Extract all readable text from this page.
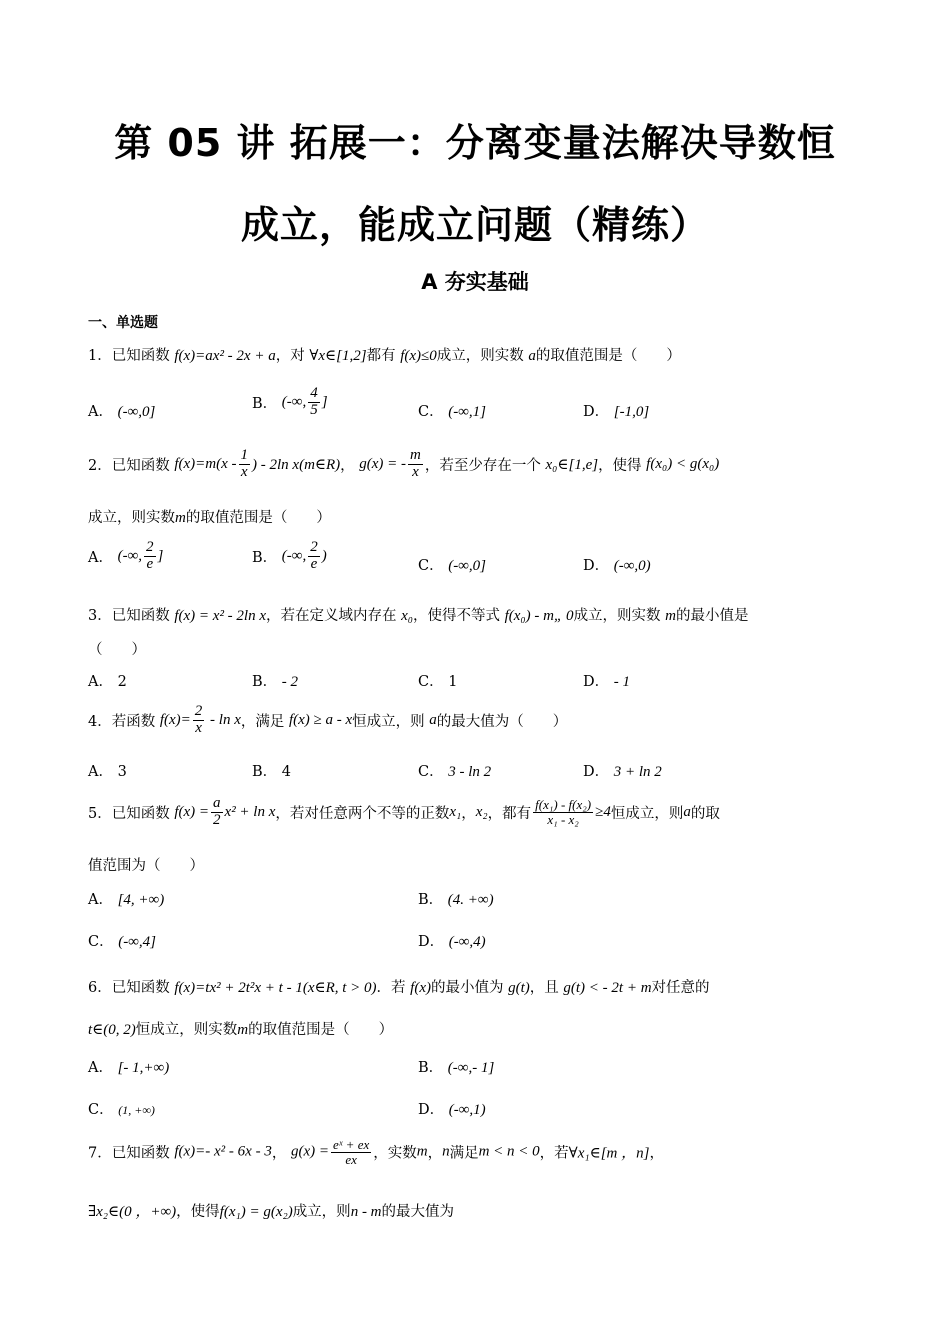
第 05 讲 拓展一：分离变量法解决导数恒
成立，能成立问题（精练）
A 夯实基础
一、单选题
1．已知函数 f(x)=ax² - 2x + a，对 ∀x∈[1,2]都有 f(x)≤0成立，则实数 a的取值范围是（　　）
A． (-∞,0]
B． (-∞, $\frac{4}{5}$ ]
C． (-∞,1]	D． [-1,0]
2．已知函数 $f(x)=m(x - \frac{1}{x}$ ) - 2ln x(m∈R)， g(x) = - $\frac{m}{x}$ ，若至少存在一个 x₀∈[1,e]，使得 f(x₀) < g(x₀)
成立，则实数m的取值范围是（　　）
A． (-∞, $\frac{2}{e}$ ]	B． (-∞, $\frac{2}{e}$ )
C． (-∞,0]	D． (-∞,0)
3．已知函数 f(x) = x² - 2ln x，若在定义域内存在 x₀，使得不等式 f(x₀) - m„ 0成立，则实数 m的最小值是
（　　）
A． 2	B． - 2	C． 1	D． - 1
4．若函数 $f(x)= \frac{2}{x} - \ln x$，满足 f(x) ≥ a - x恒成立，则 a的最大值为（　　）
A． 3	B． 4	C． 3 - ln 2	D． 3 + ln 2
5．已知函数 $f(x) = \frac{a}{2} x^2 + \ln x$，若对任意两个不等的正数x₁，x₂，都有 $\frac{\text{f(x₁) - f(x₂)}}{\text{x₁ - x₂}} \ge 4$恒成立，则a的取
值范围为（　　）
A． [4, +∞)	B． (4. +∞)
C． (-∞,4]	D． (-∞,4)
6．已知函数 f(x)=tx² + 2t²x + t - 1(x∈R, t > 0)．若 f(x)的最小值为 g(t)，且 g(t) < - 2t + m对任意的
t∈(0, 2)恒成立，则实数m的取值范围是（　　）
A． [- 1,+∞)	B． (-∞,- 1]
C． (1, +∞)	D． (-∞,1)
7．已知函数 f(x)=- x² - 6x - 3， $g(x) = \frac{\text{eˣ + ex}}{ex}$ ，实数m，n满足m < n < 0，若∀x₁∈[m ，n]，
∃x₂∈(0 ，+∞)，使得f(x₁) = g(x₂)成立，则n - m的最大值为
